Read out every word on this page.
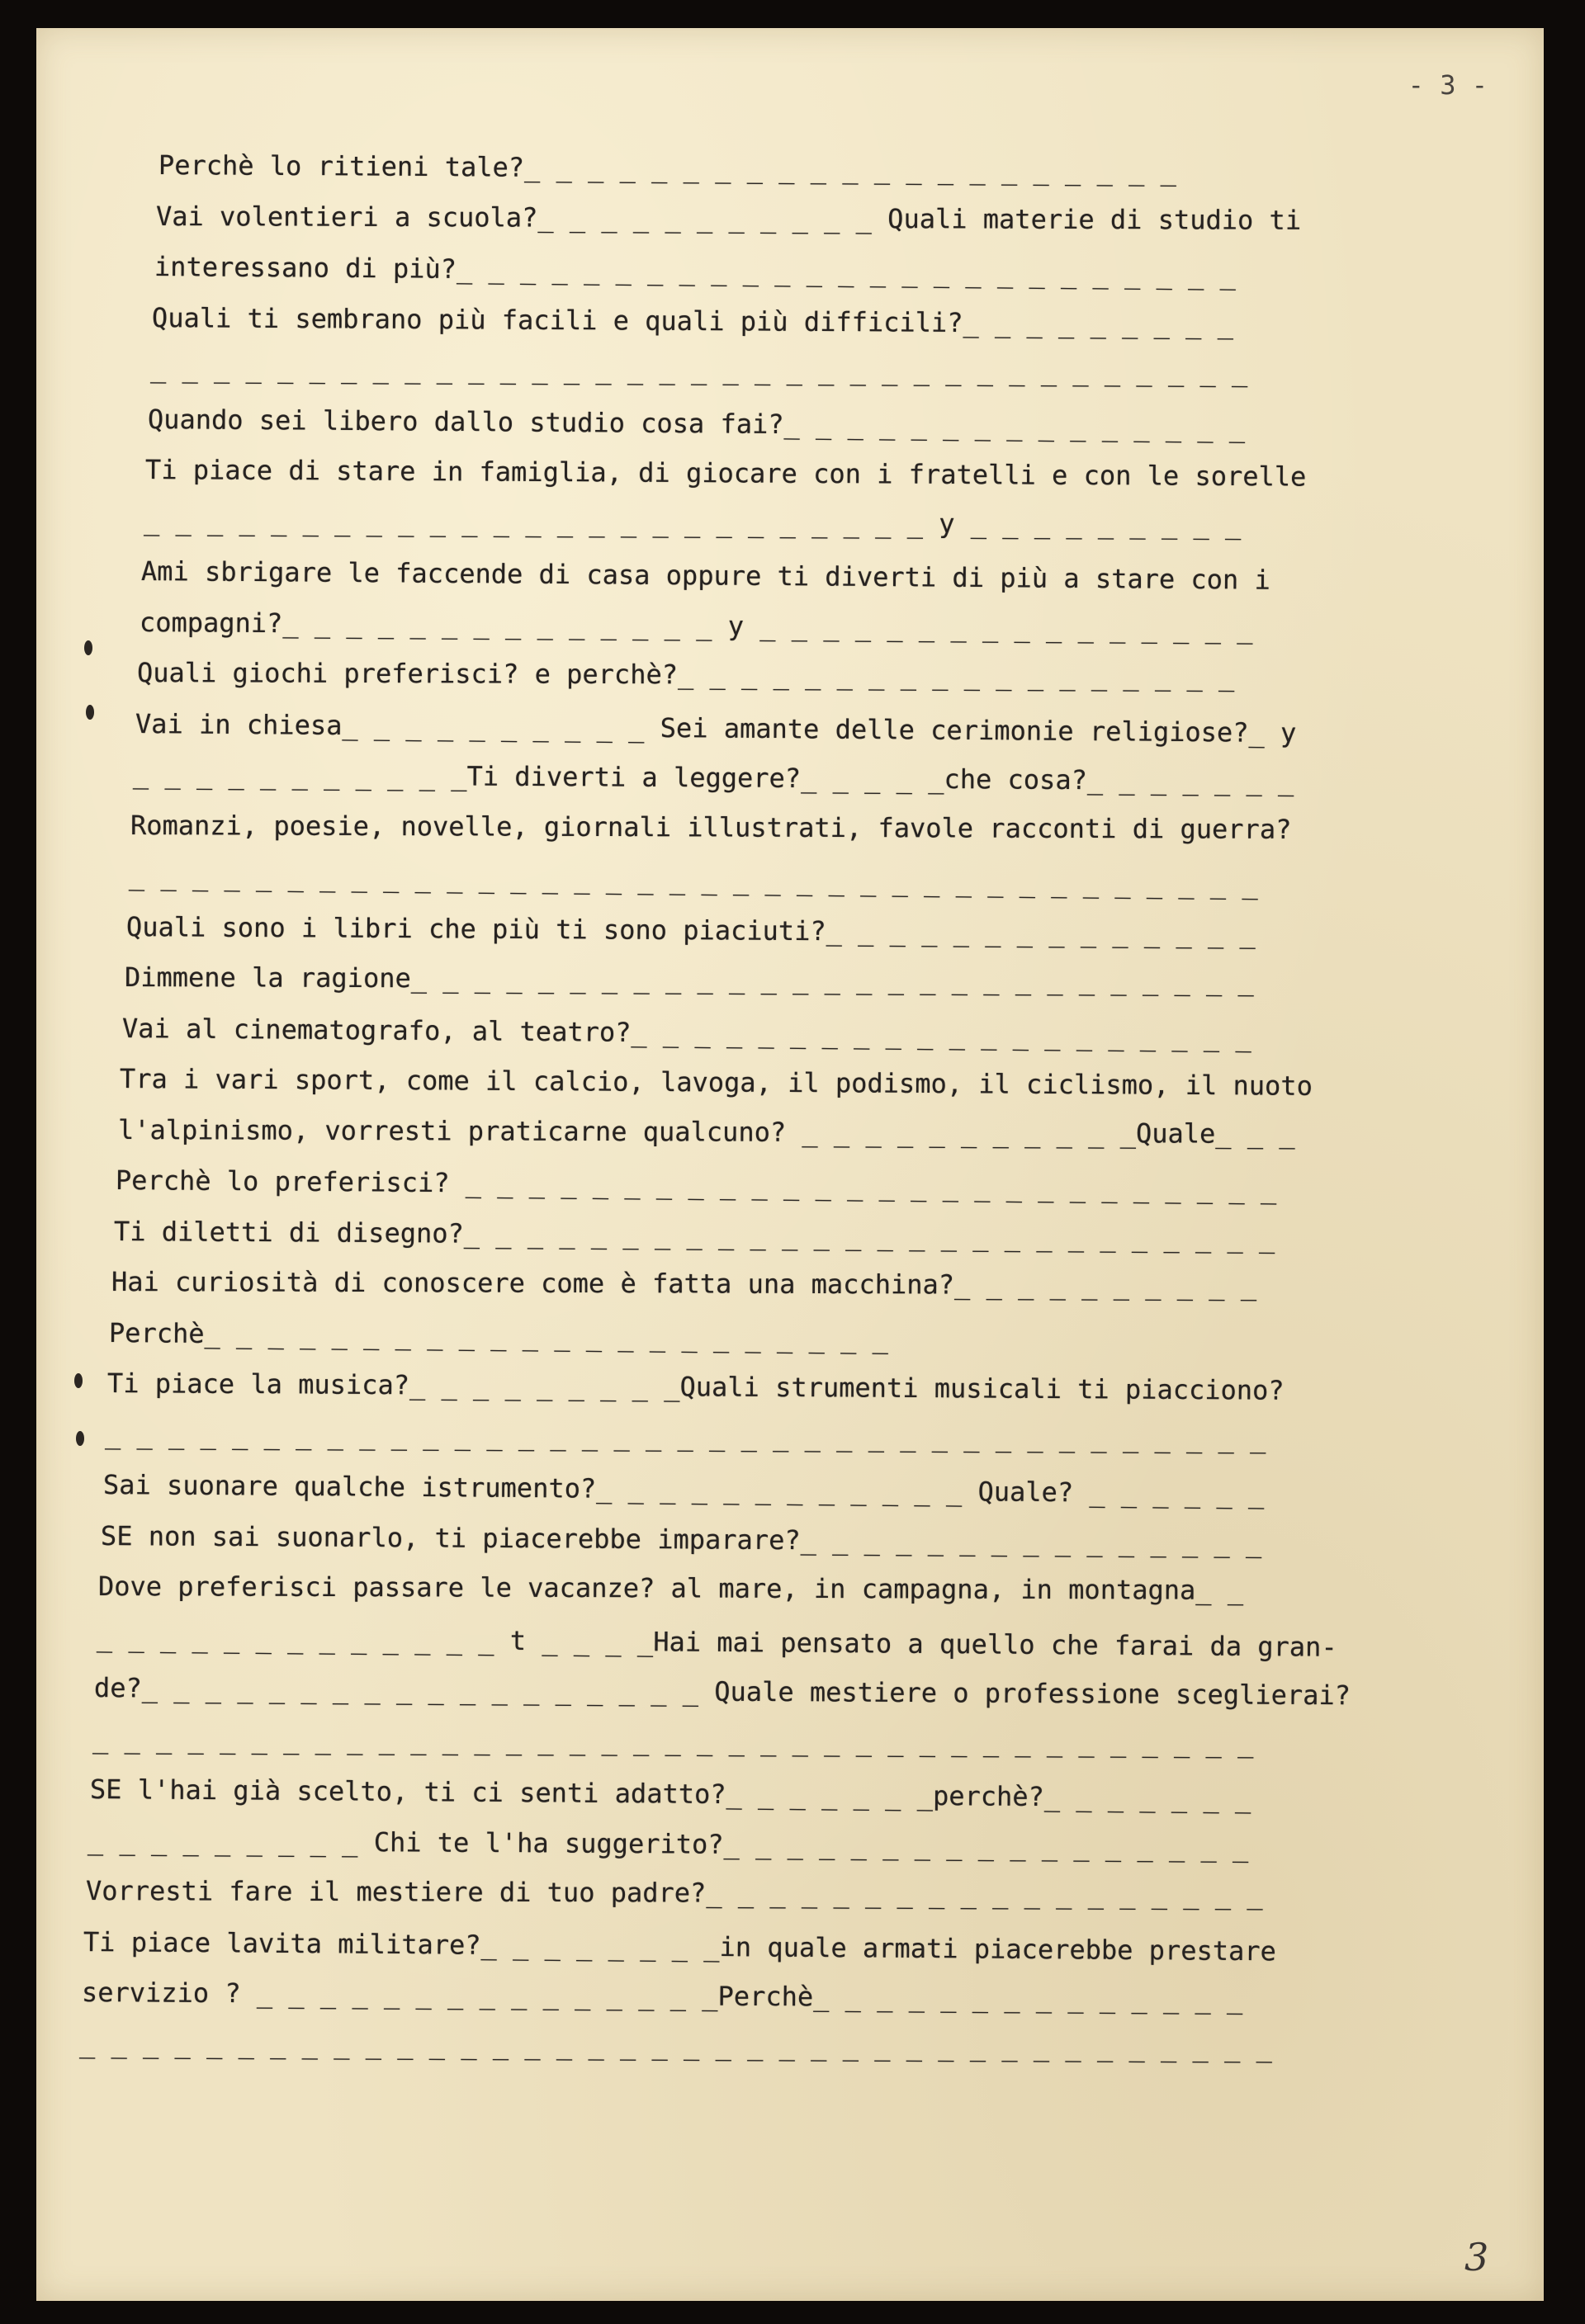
- 3 -

Perchè lo ritieni tale?_ _ _ _ _ _ _ _ _ _ _ _ _ _ _ _ _ _ _ _ _

Vai volentieri a scuola?_ _ _ _ _ _ _ _ _ _ _ Quali materie di studio ti

interessano di più?_ _ _ _ _ _ _ _ _ _ _ _ _ _ _ _ _ _ _ _ _ _ _ _ _

Quali ti sembrano più facili e quali più difficili?_ _ _ _ _ _ _ _ _

_ _ _ _ _ _ _ _ _ _ _ _ _ _ _ _ _ _ _ _ _ _ _ _ _ _ _ _ _ _ _ _ _ _ _

Quando sei libero dallo studio cosa fai?_ _ _ _ _ _ _ _ _ _ _ _ _ _ _

Ti piace di stare in famiglia, di giocare con i fratelli e con le sorelle

_ _ _ _ _ _ _ _ _ _ _ _ _ _ _ _ _ _ _ _ _ _ _ _ _ y _ _ _ _ _ _ _ _ _

Ami sbrigare le faccende di casa oppure ti diverti di più a stare con i

compagni?_ _ _ _ _ _ _ _ _ _ _ _ _ _ y _ _ _ _ _ _ _ _ _ _ _ _ _ _ _ _

Quali giochi preferisci? e perchè?_ _ _ _ _ _ _ _ _ _ _ _ _ _ _ _ _ _

Vai in chiesa_ _ _ _ _ _ _ _ _ _ Sei amante delle cerimonie religiose?_ y

_ _ _ _ _ _ _ _ _ _ _Ti diverti a leggere?_ _ _ _ _che cosa?_ _ _ _ _ _ _

Romanzi, poesie, novelle, giornali illustrati, favole racconti di guerra?

_ _ _ _ _ _ _ _ _ _ _ _ _ _ _ _ _ _ _ _ _ _ _ _ _ _ _ _ _ _ _ _ _ _ _ _

Quali sono i libri che più ti sono piaciuti?_ _ _ _ _ _ _ _ _ _ _ _ _ _

Dimmene la ragione_ _ _ _ _ _ _ _ _ _ _ _ _ _ _ _ _ _ _ _ _ _ _ _ _ _ _

Vai al cinematografo, al teatro?_ _ _ _ _ _ _ _ _ _ _ _ _ _ _ _ _ _ _ _

Tra i vari sport, come il calcio, lavoga, il podismo, il ciclismo, il nuoto

l'alpinismo, vorresti praticarne qualcuno? _ _ _ _ _ _ _ _ _ _ _Quale_ _ _

Perchè lo preferisci? _ _ _ _ _ _ _ _ _ _ _ _ _ _ _ _ _ _ _ _ _ _ _ _ _ _

Ti diletti di disegno?_ _ _ _ _ _ _ _ _ _ _ _ _ _ _ _ _ _ _ _ _ _ _ _ _ _

Hai curiosità di conoscere come è fatta una macchina?_ _ _ _ _ _ _ _ _ _

Perchè_ _ _ _ _ _ _ _ _ _ _ _ _ _ _ _ _ _ _ _ _ _

Ti piace la musica?_ _ _ _ _ _ _ _ _Quali strumenti musicali ti piacciono?

_ _ _ _ _ _ _ _ _ _ _ _ _ _ _ _ _ _ _ _ _ _ _ _ _ _ _ _ _ _ _ _ _ _ _ _ _

Sai suonare qualche istrumento?_ _ _ _ _ _ _ _ _ _ _ _ Quale? _ _ _ _ _ _

SE non sai suonarlo, ti piacerebbe imparare?_ _ _ _ _ _ _ _ _ _ _ _ _ _ _

Dove preferisci passare le vacanze? al mare, in campagna, in montagna_ _

_ _ _ _ _ _ _ _ _ _ _ _ _ t _ _ _ _Hai mai pensato a quello che farai da gran-

de?_ _ _ _ _ _ _ _ _ _ _ _ _ _ _ _ _ _ Quale mestiere o professione sceglierai?

_ _ _ _ _ _ _ _ _ _ _ _ _ _ _ _ _ _ _ _ _ _ _ _ _ _ _ _ _ _ _ _ _ _ _ _ _

SE l'hai già scelto, ti ci senti adatto?_ _ _ _ _ _ _perchè?_ _ _ _ _ _ _

_ _ _ _ _ _ _ _ _ Chi te l'ha suggerito?_ _ _ _ _ _ _ _ _ _ _ _ _ _ _ _ _

Vorresti fare il mestiere di tuo padre?_ _ _ _ _ _ _ _ _ _ _ _ _ _ _ _ _ _

Ti piace lavita militare?_ _ _ _ _ _ _ _in quale armati piacerebbe prestare

servizio ? _ _ _ _ _ _ _ _ _ _ _ _ _ _ _Perchè_ _ _ _ _ _ _ _ _ _ _ _ _ _

_ _ _ _ _ _ _ _ _ _ _ _ _ _ _ _ _ _ _ _ _ _ _ _ _ _ _ _ _ _ _ _ _ _ _ _ _ _

3
